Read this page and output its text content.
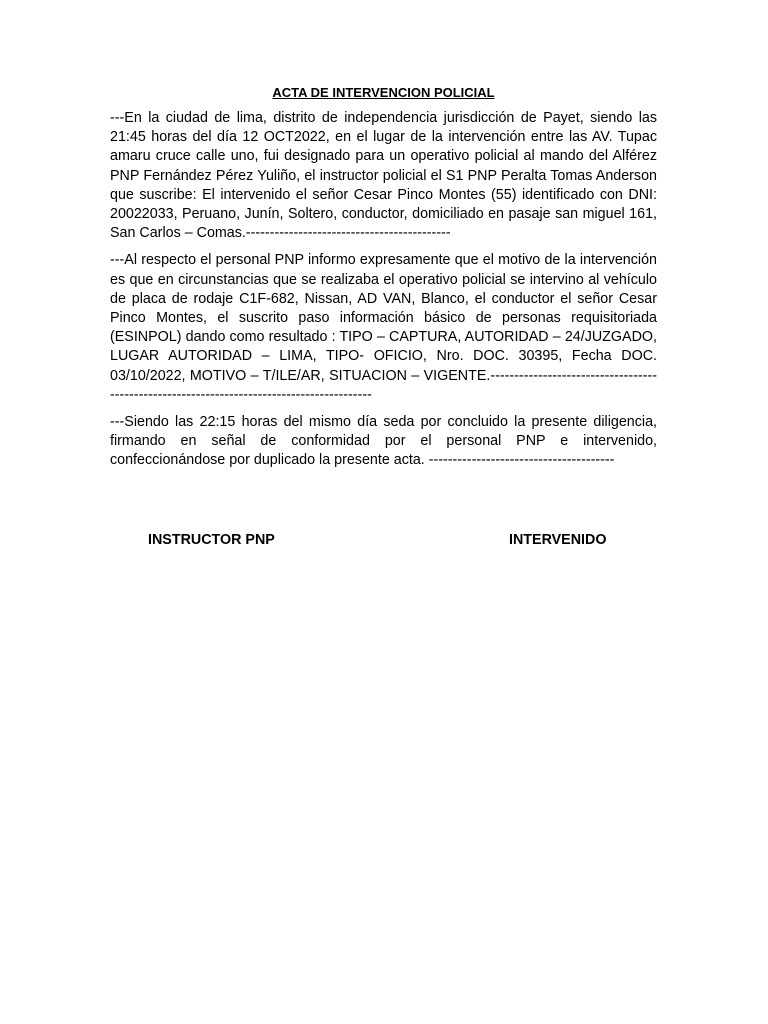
ACTA DE INTERVENCION POLICIAL

---En la ciudad de lima, distrito de independencia jurisdicción de Payet, siendo las 21:45 horas del día 12 OCT2022, en el lugar de la intervención entre las AV. Tupac amaru cruce calle uno, fui designado para un operativo policial al mando del Alférez PNP Fernández Pérez Yuliño, el instructor policial el S1 PNP Peralta Tomas Anderson que suscribe: El intervenido el señor Cesar Pinco Montes (55) identificado con DNI: 20022033, Peruano, Junín, Soltero, conductor, domiciliado en pasaje san miguel 161, San Carlos – Comas.-------------------------------------------

---Al respecto el personal PNP informo expresamente que el motivo de la intervención es que en circunstancias que se realizaba el operativo policial se intervino al vehículo de placa de rodaje C1F-682, Nissan, AD VAN, Blanco, el conductor el señor Cesar Pinco Montes, el suscrito paso información básico de personas requisitoriada (ESINPOL) dando como resultado : TIPO – CAPTURA, AUTORIDAD – 24/JUZGADO, LUGAR AUTORIDAD – LIMA, TIPO- OFICIO, Nro. DOC. 30395, Fecha DOC. 03/10/2022, MOTIVO – T/ILE/AR, SITUACION – VIGENTE.------------------------------------------------------------------------------------------

---Siendo las 22:15 horas del mismo día seda por concluido la presente diligencia, firmando en señal de conformidad por el personal PNP e intervenido, confeccionándose por duplicado la presente acta. ---------------------------------------

INSTRUCTOR PNP	INTERVENIDO
